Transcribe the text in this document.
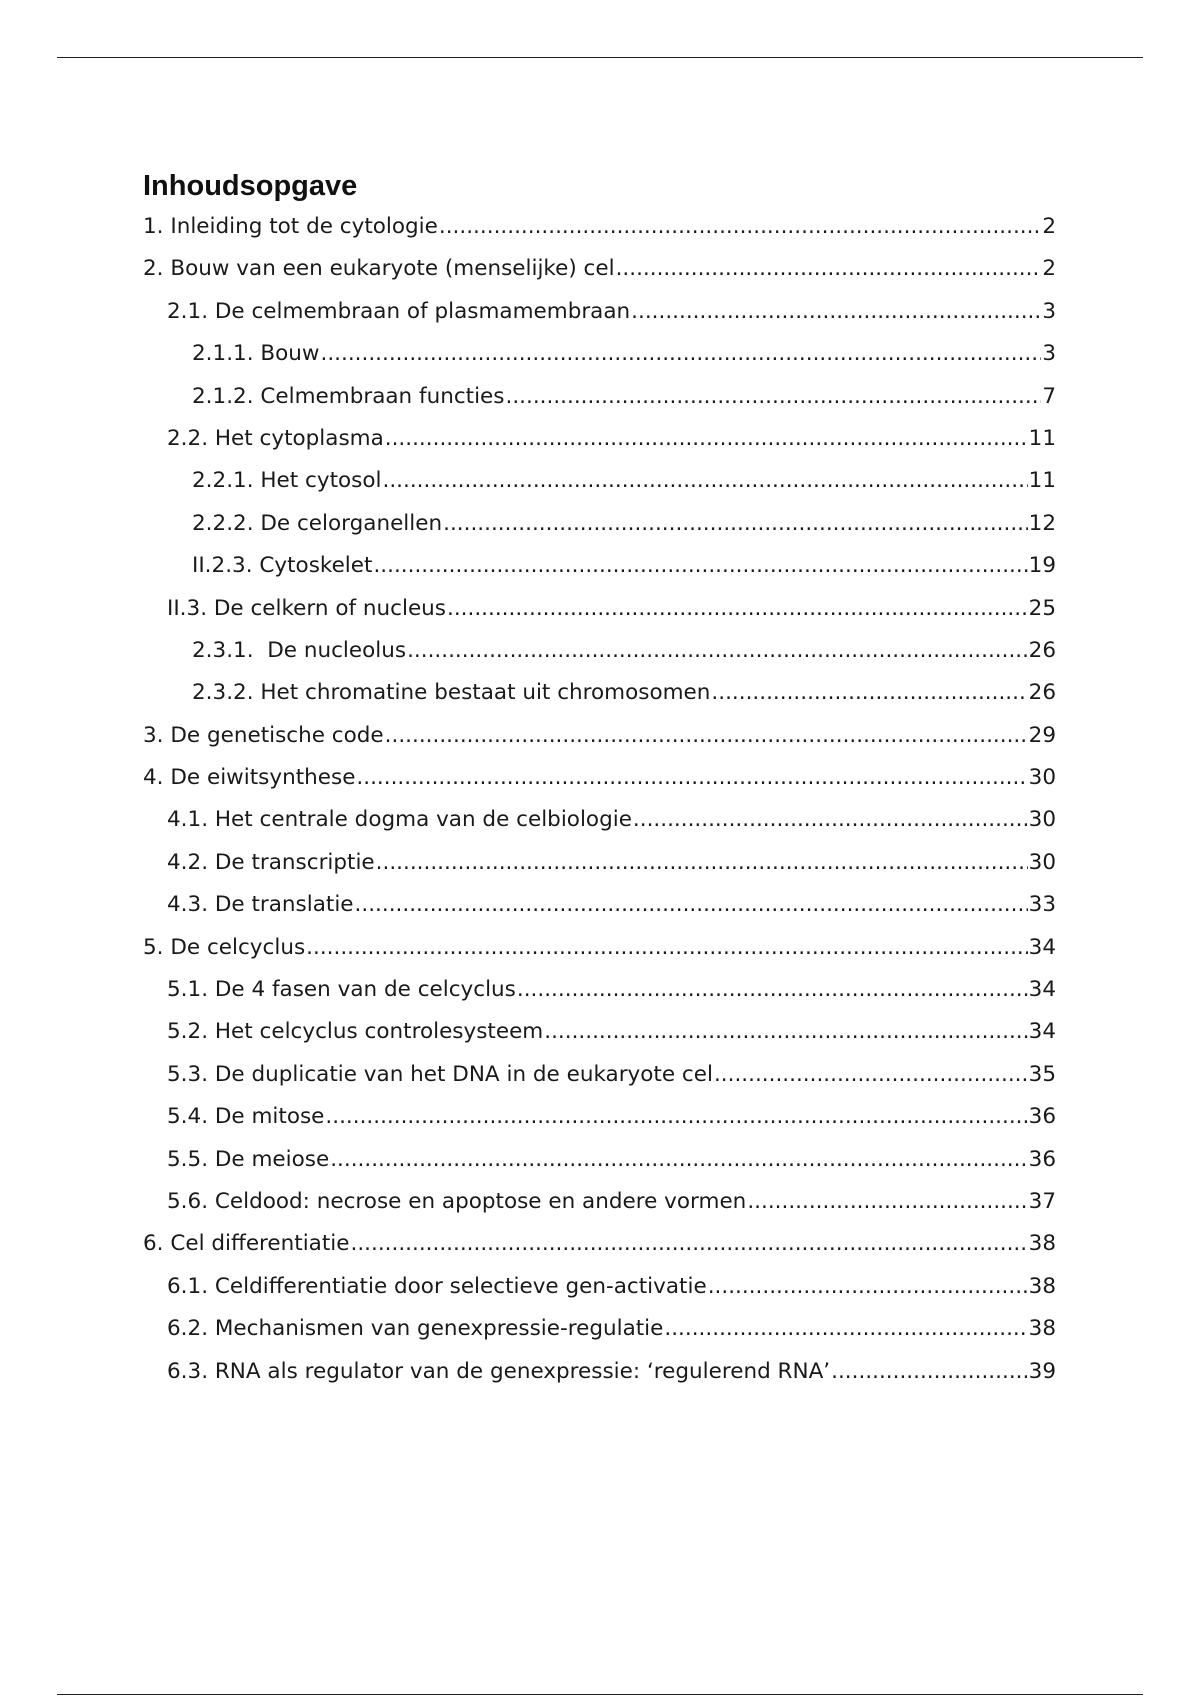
Inhoudsopgave
1. Inleiding tot de cytologie .....	2
2. Bouw van een eukaryote (menselijke) cel .....	2
2.1. De celmembraan of plasmamembraan .....	3
2.1.1. Bouw .....	3
2.1.2. Celmembraan functies .....	7
2.2. Het cytoplasma .....	11
2.2.1. Het cytosol .....	11
2.2.2. De celorganellen .....	12
II.2.3. Cytoskelet .....	19
II.3. De celkern of nucleus .....	25
2.3.1.  De nucleolus .....	26
2.3.2. Het chromatine bestaat uit chromosomen .....	26
3. De genetische code .....	29
4. De eiwitsynthese .....	30
4.1. Het centrale dogma van de celbiologie .....	30
4.2. De transcriptie .....	30
4.3. De translatie .....	33
5. De celcyclus .....	34
5.1. De 4 fasen van de celcyclus .....	34
5.2. Het celcyclus controlesysteem .....	34
5.3. De duplicatie van het DNA in de eukaryote cel .....	35
5.4. De mitose .....	36
5.5. De meiose .....	36
5.6. Celdood: necrose en apoptose en andere vormen .....	37
6. Cel differentiatie .....	38
6.1. Celdifferentiatie door selectieve gen-activatie .....	38
6.2. Mechanismen van genexpressie-regulatie .....	38
6.3. RNA als regulator van de genexpressie: ‘regulerend RNA’ .....	39
